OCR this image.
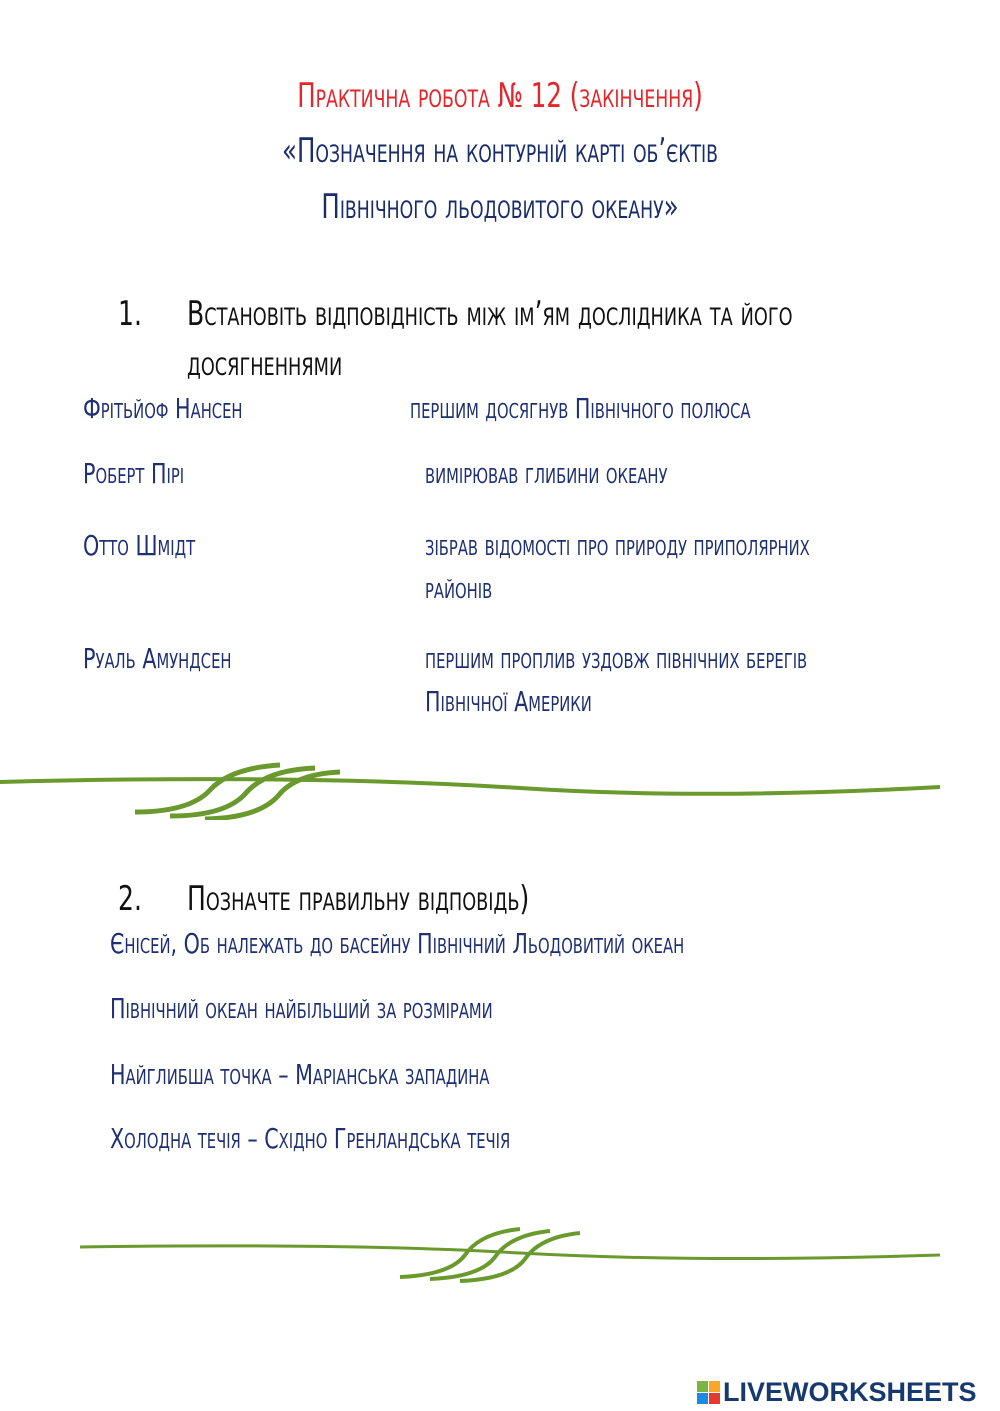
Практична робота № 12 (закінчення)
«Позначення на контурній карті об’єктів
Північного льодовитого океану»
1. Встановіть відповідність між ім’ям дослідника та його
досягненнями
Фрітьйоф Нансен
Роберт Пірі
Отто Шмідт
Руаль Амундсен
першим досягнув Північного полюса
вимірював глибини океану
зібрав відомості про природу приполярних
районів
першим проплив уздовж північних берегів
Північної Америки
2. Позначте правильну відповідь)
Єнісей, Об належать до басейну Північний Льодовитий океан
Північний океан найбільший за розмірами
Найглибша точка – Маріанська западина
Холодна течія – Східно Гренландська течія
LIVEWORKSHEETS
